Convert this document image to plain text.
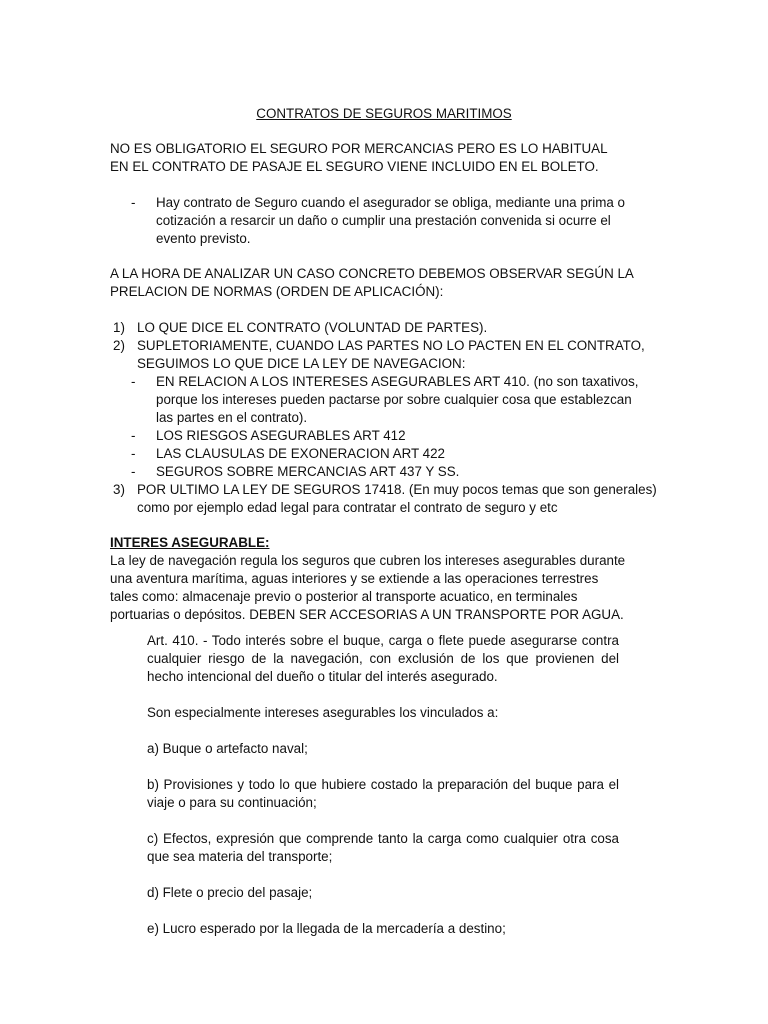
CONTRATOS DE SEGUROS MARITIMOS
NO ES OBLIGATORIO EL SEGURO POR MERCANCIAS PERO ES LO HABITUAL
EN EL CONTRATO DE PASAJE EL SEGURO VIENE INCLUIDO EN EL BOLETO.
- Hay contrato de Seguro cuando el asegurador se obliga, mediante una prima o
cotización a resarcir un daño o cumplir una prestación convenida si ocurre el
evento previsto.
A LA HORA DE ANALIZAR UN CASO CONCRETO DEBEMOS OBSERVAR SEGÚN LA
PRELACION DE NORMAS (ORDEN DE APLICACIÓN):
1) LO QUE DICE EL CONTRATO (VOLUNTAD DE PARTES).
2) SUPLETORIAMENTE, CUANDO LAS PARTES NO LO PACTEN EN EL CONTRATO,
SEGUIMOS LO QUE DICE LA LEY DE NAVEGACION:
- EN RELACION A LOS INTERESES ASEGURABLES ART 410. (no son taxativos,
porque los intereses pueden pactarse por sobre cualquier cosa que establezcan
las partes en el contrato).
- LOS RIESGOS ASEGURABLES ART 412
- LAS CLAUSULAS DE EXONERACION ART 422
- SEGUROS SOBRE MERCANCIAS ART 437 Y SS.
3) POR ULTIMO LA LEY DE SEGUROS 17418. (En muy pocos temas que son generales)
como por ejemplo edad legal para contratar el contrato de seguro y etc
INTERES ASEGURABLE:
La ley de navegación regula los seguros que cubren los intereses asegurables durante
una aventura marítima, aguas interiores y se extiende a las operaciones terrestres
tales como: almacenaje previo o posterior al transporte acuatico, en terminales
portuarias o depósitos. DEBEN SER ACCESORIAS A UN TRANSPORTE POR AGUA.
Art. 410. - Todo interés sobre el buque, carga o flete puede asegurarse contra cualquier riesgo de la navegación, con exclusión de los que provienen del hecho intencional del dueño o titular del interés asegurado.
Son especialmente intereses asegurables los vinculados a:
a) Buque o artefacto naval;
b) Provisiones y todo lo que hubiere costado la preparación del buque para el viaje o para su continuación;
c) Efectos, expresión que comprende tanto la carga como cualquier otra cosa que sea materia del transporte;
d) Flete o precio del pasaje;
e) Lucro esperado por la llegada de la mercadería a destino;
